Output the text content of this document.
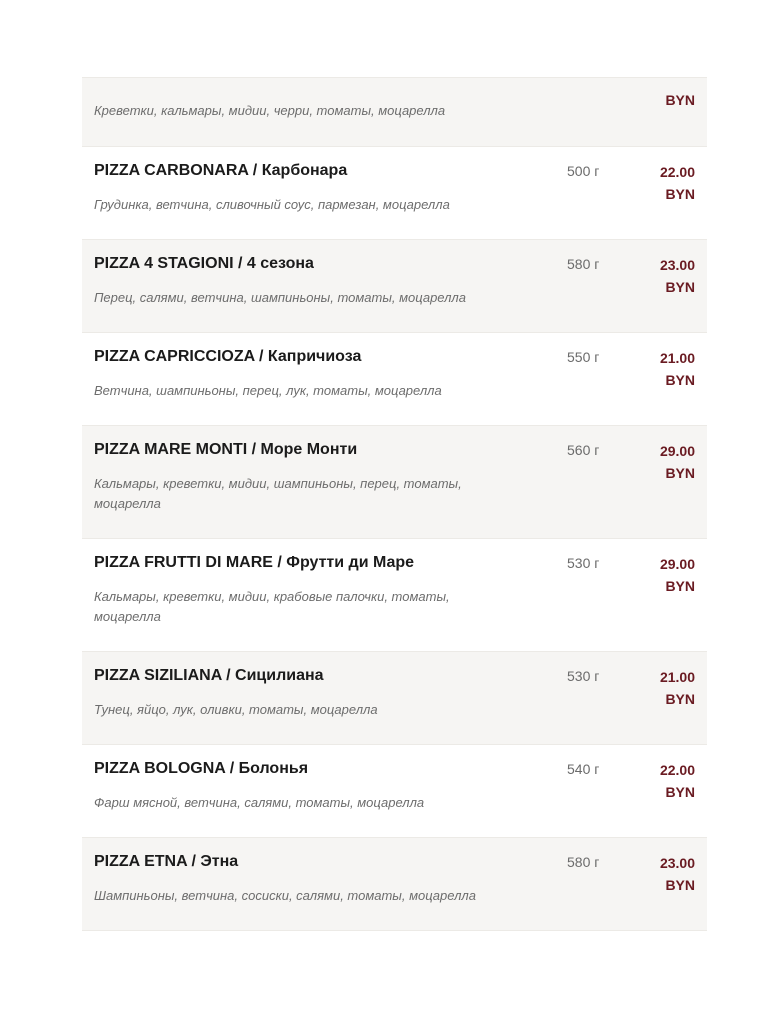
Креветки, кальмары, мидии, черри, томаты, моцарелла
BYN
PIZZA CARBONARA / Карбонара
Грудинка, ветчина, сливочный соус, пармезан, моцарелла
500 г	22.00
BYN
PIZZA 4 STAGIONI / 4 сезона
Перец, салями, ветчина, шампиньоны, томаты, моцарелла
580 г	23.00
BYN
PIZZA CAPRICCIOZA / Капричиоза
Ветчина, шампиньоны, перец, лук, томаты, моцарелла
550 г	21.00
BYN
PIZZA MARE MONTI / Море Монти
Кальмары, креветки, мидии, шампиньоны, перец, томаты, моцарелла
560 г	29.00
BYN
PIZZA FRUTTI DI MARE / Фрутти ди Маре
Кальмары, креветки, мидии, крабовые палочки, томаты, моцарелла
530 г	29.00
BYN
PIZZA SIZILIANA / Сицилиана
Тунец, яйцо, лук, оливки, томаты, моцарелла
530 г	21.00
BYN
PIZZA BOLOGNA / Болонья
Фарш мясной, ветчина, салями, томаты, моцарелла
540 г	22.00
BYN
PIZZA ETNA / Этна
Шампиньоны, ветчина, сосиски, салями, томаты, моцарелла
580 г	23.00
BYN
